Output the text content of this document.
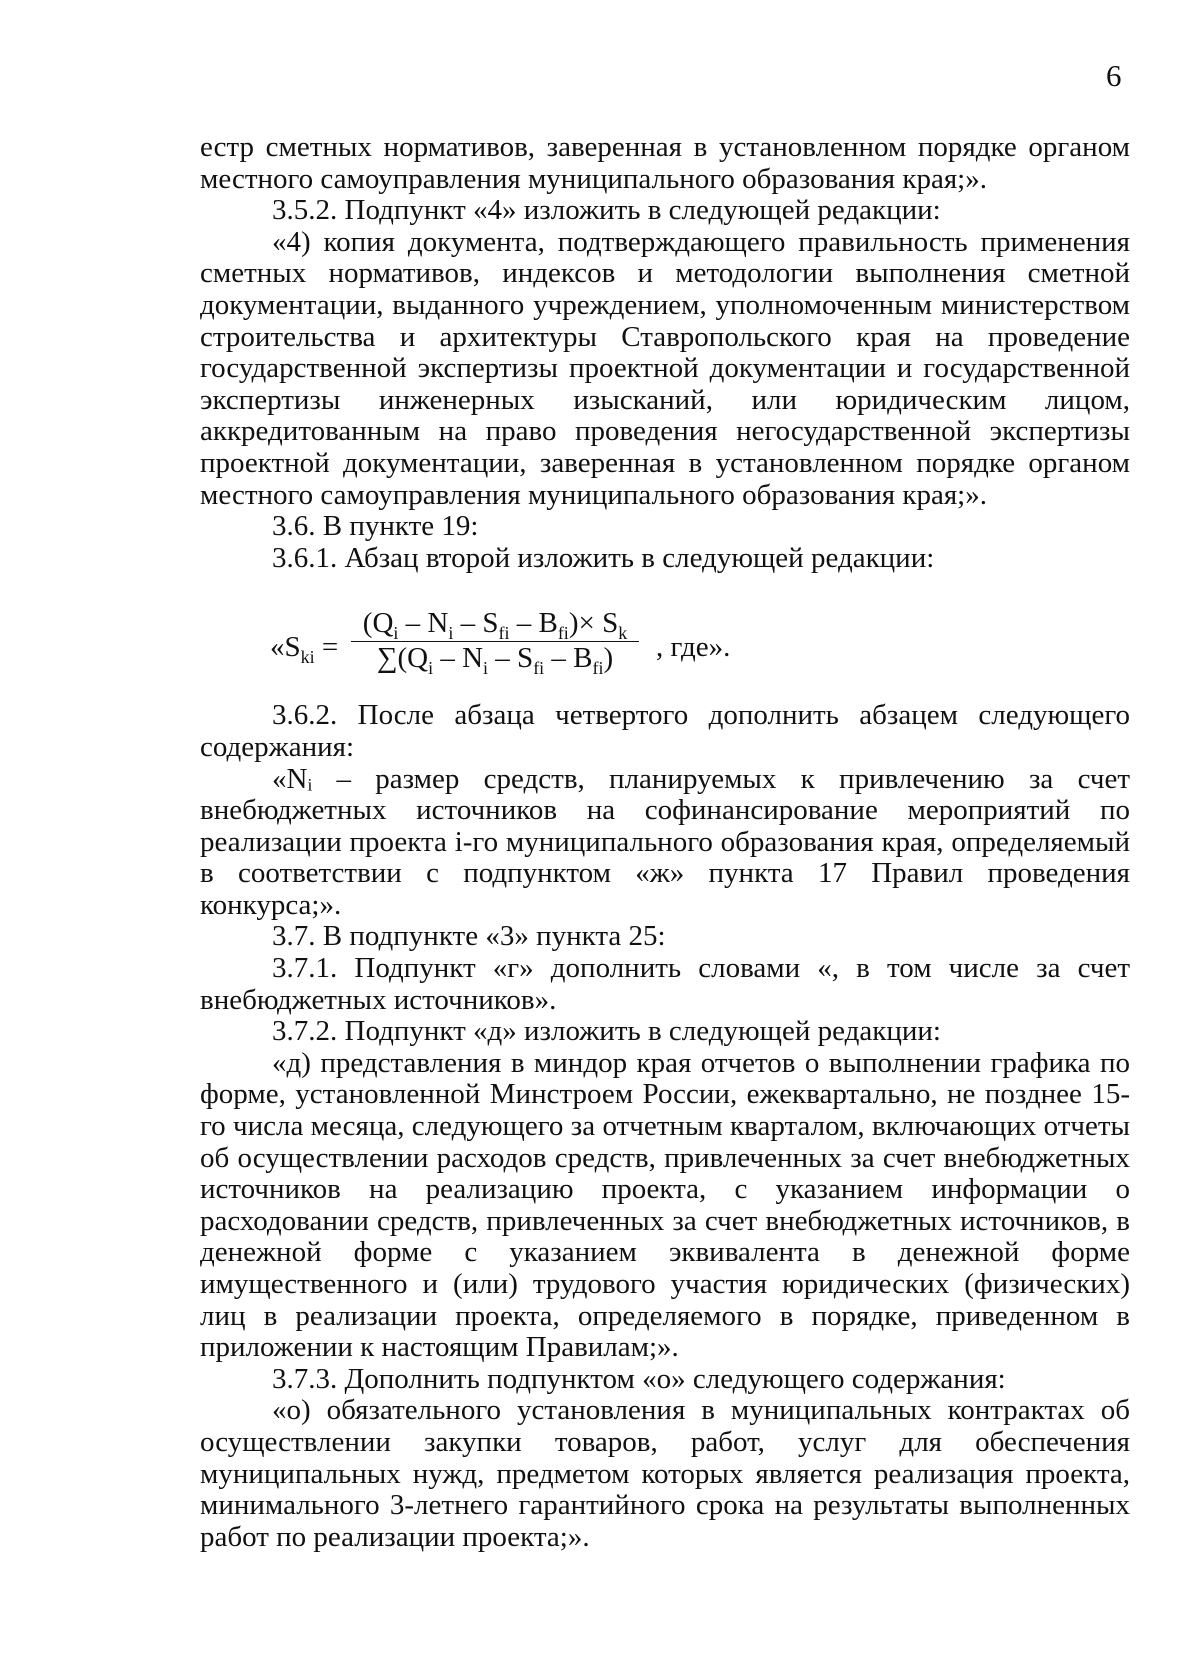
6

естр сметных нормативов, заверенная в установленном порядке органом местного самоуправления муниципального образования края;».

3.5.2. Подпункт «4» изложить в следующей редакции:

«4) копия документа, подтверждающего правильность применения сметных нормативов, индексов и методологии выполнения сметной документации, выданного учреждением, уполномоченным министерством строительства и архитектуры Ставропольского края на проведение государственной экспертизы проектной документации и государственной экспертизы инженерных изысканий, или юридическим лицом, аккредитованным на право проведения негосударственной экспертизы проектной документации, заверенная в установленном порядке органом местного самоуправления муниципального образования края;».

3.6. В пункте 19:

3.6.1. Абзац второй изложить в следующей редакции:

«$S_{ki}$ =
$(Q_i - N_i - S_{fi} - B_{fi})\times S_k$
$\sum(Q_i - N_i - S_{fi} - B_{fi})$	, где».

3.6.2. После абзаца четвертого дополнить абзацем следующего содержания:

«Nᵢ – размер средств, планируемых к привлечению за счет внебюджетных источников на софинансирование мероприятий по реализации проекта i-го муниципального образования края, определяемый в соответствии с подпунктом «ж» пункта 17 Правил проведения конкурса;».

3.7. В подпункте «3» пункта 25:

3.7.1. Подпункт «г» дополнить словами «, в том числе за счет внебюджетных источников».

3.7.2. Подпункт «д» изложить в следующей редакции:

«д) представления в миндор края отчетов о выполнении графика по форме, установленной Минстроем России, ежеквартально, не позднее 15-го числа месяца, следующего за отчетным кварталом, включающих отчеты об осуществлении расходов средств, привлеченных за счет внебюджетных источников на реализацию проекта, с указанием информации о расходовании средств, привлеченных за счет внебюджетных источников, в денежной форме с указанием эквивалента в денежной форме имущественного и (или) трудового участия юридических (физических) лиц в реализации проекта, определяемого в порядке, приведенном в приложении к настоящим Правилам;».

3.7.3. Дополнить подпунктом «о» следующего содержания:

«о) обязательного установления в муниципальных контрактах об осуществлении закупки товаров, работ, услуг для обеспечения муниципальных нужд, предметом которых является реализация проекта, минимального 3-летнего гарантийного срока на результаты выполненных работ по реализации проекта;».
